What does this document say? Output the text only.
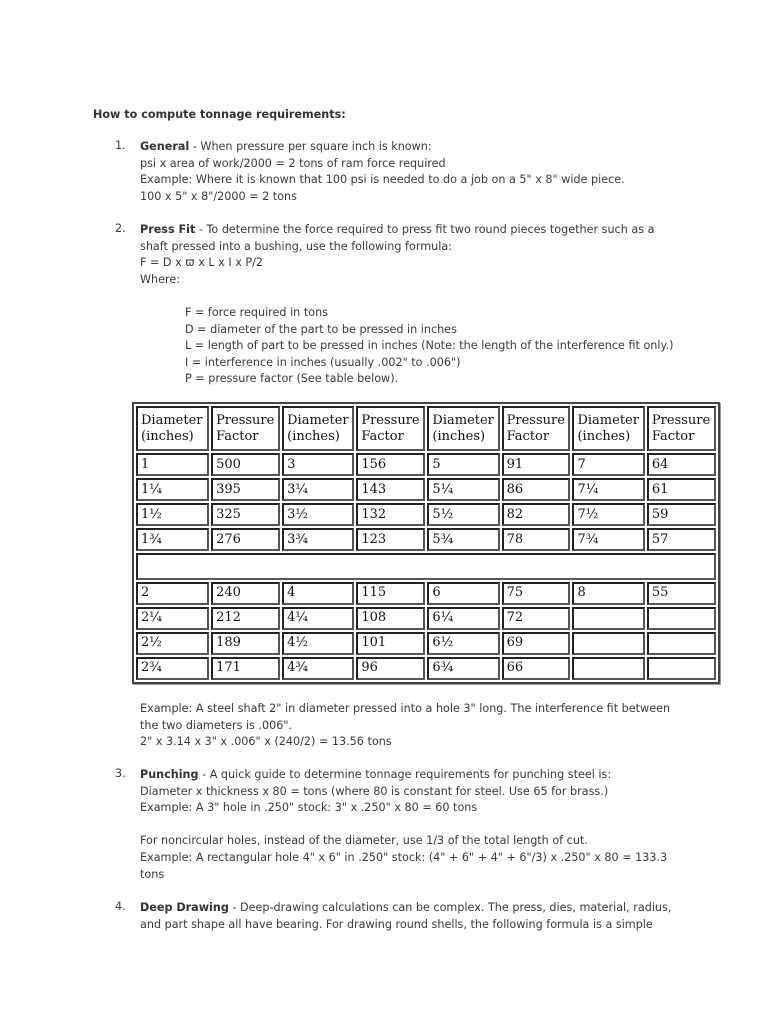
How to compute tonnage requirements:
1.	General - When pressure per square inch is known:
psi x area of work/2000 = 2 tons of ram force required
Example: Where it is known that 100 psi is needed to do a job on a 5" x 8" wide piece.
100 x 5" x 8"/2000 = 2 tons
2.	Press Fit - To determine the force required to press fit two round pieces together such as a
shaft pressed into a bushing, use the following formula:
F = D x ϖ x L x I x P/2
Where:
F = force required in tons
D = diameter of the part to be pressed in inches
L = length of part to be pressed in inches (Note: the length of the interference fit only.)
I = interference in inches (usually .002" to .006")
P = pressure factor (See table below).
Diameter (inches)	Pressure Factor	Diameter (inches)	Pressure Factor	Diameter (inches)	Pressure Factor	Diameter (inches)	Pressure Factor
1	500	3	156	5	91	7	64
1¼	395	3¼	143	5¼	86	7¼	61
1½	325	3½	132	5½	82	7½	59
1¾	276	3¾	123	5¾	78	7¾	57

2	240	4	115	6	75	8	55
2¼	212	4¼	108	6¼	72		
2½	189	4½	101	6½	69		
2¾	171	4¾	96	6¾	66		
Example: A steel shaft 2" in diameter pressed into a hole 3" long. The interference fit between
the two diameters is .006".
2" x 3.14 x 3" x .006" x (240/2) = 13.56 tons
3.	Punching - A quick guide to determine tonnage requirements for punching steel is:
Diameter x thickness x 80 = tons (where 80 is constant for steel. Use 65 for brass.)
Example: A 3" hole in .250" stock: 3" x .250" x 80 = 60 tons

For noncircular holes, instead of the diameter, use 1/3 of the total length of cut.
Example: A rectangular hole 4" x 6" in .250" stock: (4" + 6" + 4" + 6"/3) x .250" x 80 = 133.3
tons
4.	Deep Drawing - Deep-drawing calculations can be complex. The press, dies, material, radius,
and part shape all have bearing. For drawing round shells, the following formula is a simple
